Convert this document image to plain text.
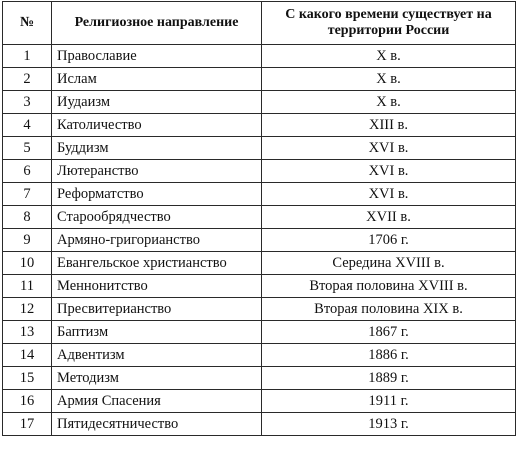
№	Религиозное направление	С какого времени существует на территории России
1	Православие	X в.
2	Ислам	X в.
3	Иудаизм	X в.
4	Католичество	XIII в.
5	Буддизм	XVI в.
6	Лютеранство	XVI в.
7	Реформатство	XVI в.
8	Старообрядчество	XVII в.
9	Армяно-григорианство	1706 г.
10	Евангельское христианство	Середина XVIII в.
11	Меннонитство	Вторая половина XVIII в.
12	Пресвитерианство	Вторая половина XIX в.
13	Баптизм	1867 г.
14	Адвентизм	1886 г.
15	Методизм	1889 г.
16	Армия Спасения	1911 г.
17	Пятидесятничество	1913 г.
